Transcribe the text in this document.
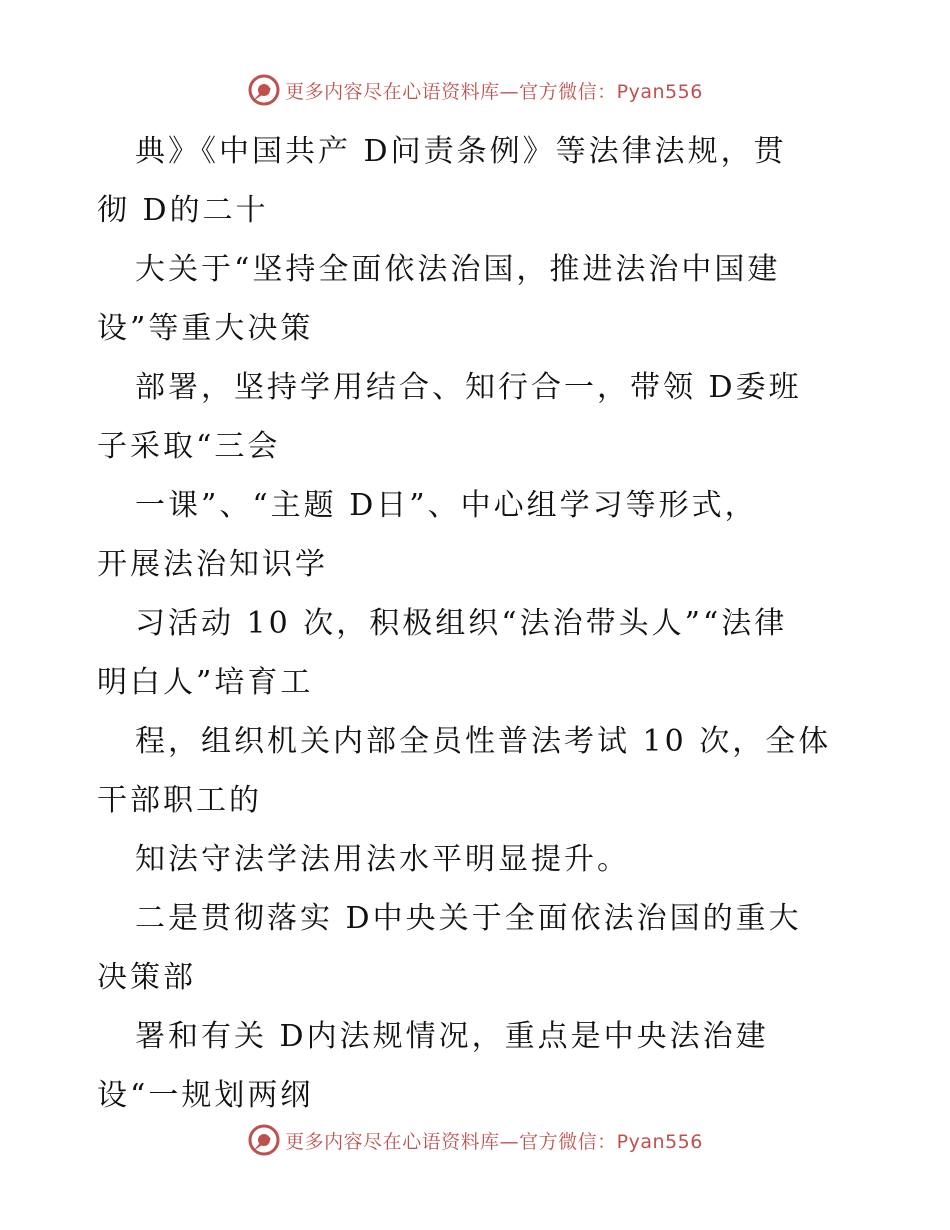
更多内容尽在心语资料库—官方微信：Pyan556
典》《中国共产 D问责条例》等法律法规，贯
彻 D的二十
大关于“坚持全面依法治国，推进法治中国建
设”等重大决策
部署，坚持学用结合、知行合一，带领 D委班
子采取“三会
一课”、“主题 D日”、中心组学习等形式，
开展法治知识学
习活动 10 次，积极组织“法治带头人”“法律
明白人”培育工
程，组织机关内部全员性普法考试 10 次，全体
干部职工的
知法守法学法用法水平明显提升。
二是贯彻落实 D中央关于全面依法治国的重大
决策部
署和有关 D内法规情况，重点是中央法治建
设“一规划两纲
更多内容尽在心语资料库—官方微信：Pyan556
